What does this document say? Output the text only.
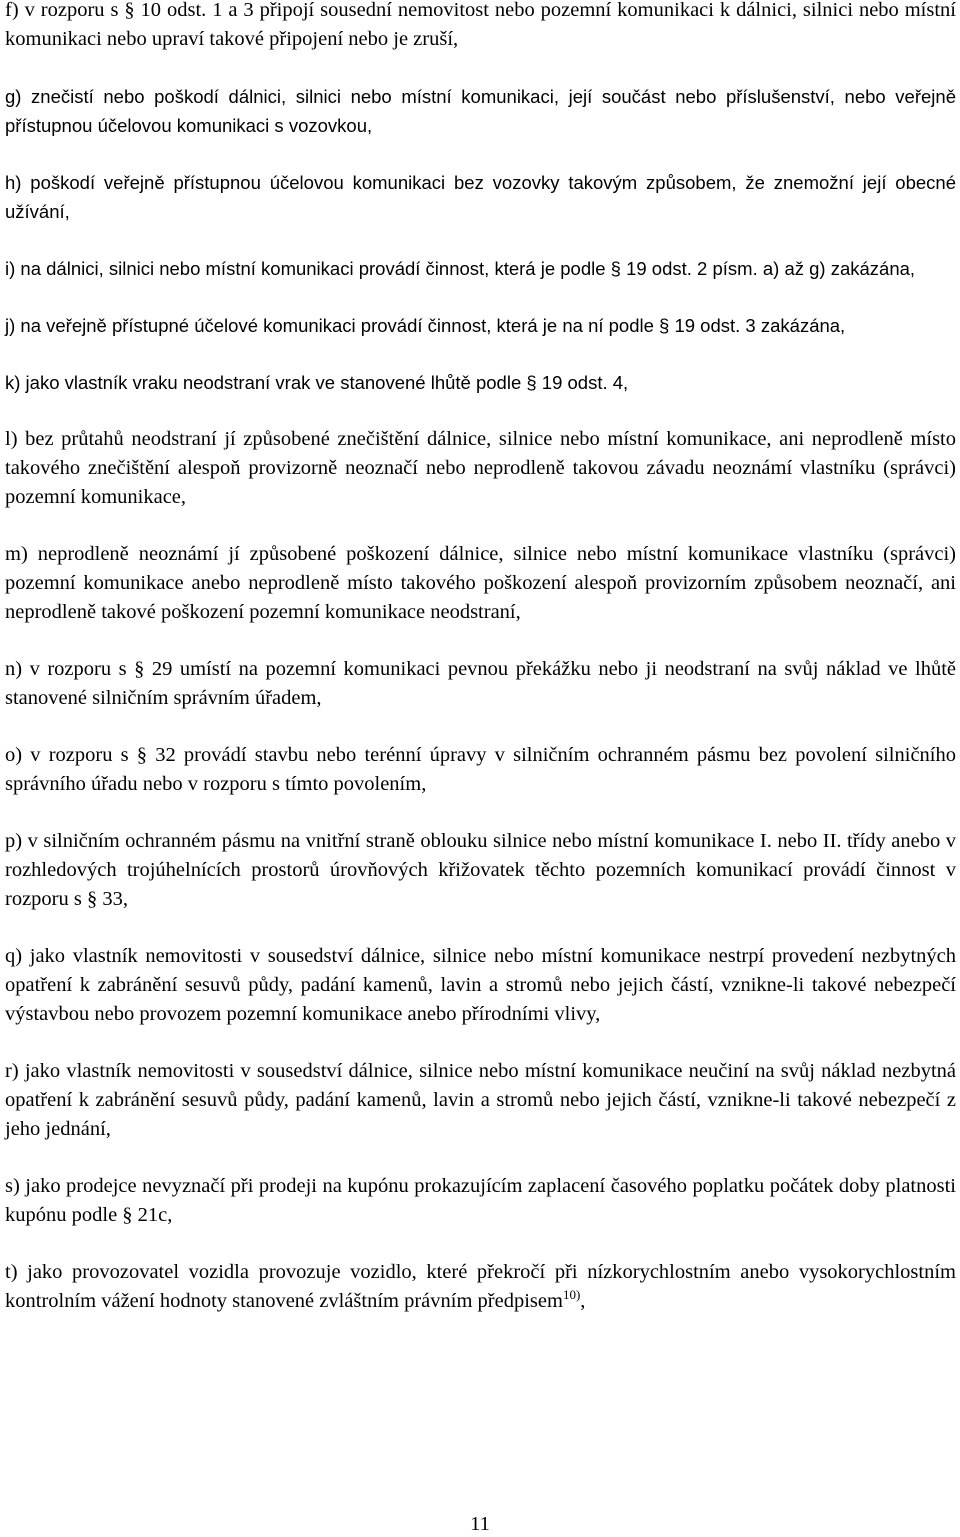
f) v rozporu s § 10 odst. 1 a 3 připojí sousední nemovitost nebo pozemní komunikaci k dálnici, silnici nebo místní komunikaci nebo upraví takové připojení nebo je zruší,

g) znečistí nebo poškodí dálnici, silnici nebo místní komunikaci, její součást nebo příslušenství, nebo veřejně přístupnou účelovou komunikaci s vozovkou,

h) poškodí veřejně přístupnou účelovou komunikaci bez vozovky takovým způsobem, že znemožní její obecné užívání,

i) na dálnici, silnici nebo místní komunikaci provádí činnost, která je podle § 19 odst. 2 písm. a) až g) zakázána,

j) na veřejně přístupné účelové komunikaci provádí činnost, která je na ní podle § 19 odst. 3 zakázána,

k) jako vlastník vraku neodstraní vrak ve stanovené lhůtě podle § 19 odst. 4,

l) bez průtahů neodstraní jí způsobené znečištění dálnice, silnice nebo místní komunikace, ani neprodleně místo takového znečištění alespoň provizorně neoznačí nebo neprodleně takovou závadu neoznámí vlastníku (správci) pozemní komunikace,

m) neprodleně neoznámí jí způsobené poškození dálnice, silnice nebo místní komunikace vlastníku (správci) pozemní komunikace anebo neprodleně místo takového poškození alespoň provizorním způsobem neoznačí, ani neprodleně takové poškození pozemní komunikace neodstraní,

n) v rozporu s § 29 umístí na pozemní komunikaci pevnou překážku nebo ji neodstraní na svůj náklad ve lhůtě stanovené silničním správním úřadem,

o) v rozporu s § 32 provádí stavbu nebo terénní úpravy v silničním ochranném pásmu bez povolení silničního správního úřadu nebo v rozporu s tímto povolením,

p) v silničním ochranném pásmu na vnitřní straně oblouku silnice nebo místní komunikace I. nebo II. třídy anebo v rozhledových trojúhelnících prostorů úrovňových křižovatek těchto pozemních komunikací provádí činnost v rozporu s § 33,

q) jako vlastník nemovitosti v sousedství dálnice, silnice nebo místní komunikace nestrpí provedení nezbytných opatření k zabránění sesuvů půdy, padání kamenů, lavin a stromů nebo jejich částí, vznikne-li takové nebezpečí výstavbou nebo provozem pozemní komunikace anebo přírodními vlivy,

r) jako vlastník nemovitosti v sousedství dálnice, silnice nebo místní komunikace neučiní na svůj náklad nezbytná opatření k zabránění sesuvů půdy, padání kamenů, lavin a stromů nebo jejich částí, vznikne-li takové nebezpečí z jeho jednání,

s) jako prodejce nevyznačí při prodeji na kupónu prokazujícím zaplacení časového poplatku počátek doby platnosti kupónu podle § 21c,

t) jako provozovatel vozidla provozuje vozidlo, které překročí při nízkorychlostním anebo vysokorychlostním kontrolním vážení hodnoty stanovené zvláštním právním předpisem$^{10)}$,

11
